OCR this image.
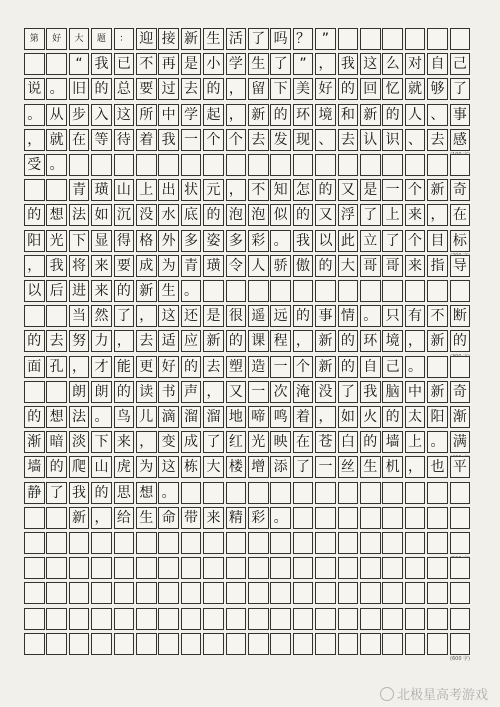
第	好	大	题	： 迎 接 新 生 活 了 吗 ？ ”
“ 我 已 不 再 是 小 学 生 了 ” ， 我 这 么 对 自 己
说 。 旧 的 总 要 过 去 的 ， 留 下 美 好 的 回 忆 就 够 了
。 从 步 入 这 所 中 学 起 ， 新 的 环 境 和 新 的 人 、 事
， 就 在 等 待 着 我 一 个 个 去 发 现 、 去 认 识 、 去 感
受 。
青 璜 山 上 出 状 元 ， 不 知 怎 的 又 是 一 个 新 奇
的 想 法 如 沉 没 水 底 的 泡 泡 似 的 又 浮 了 上 来 ， 在
阳 光 下 显 得 格 外 多 姿 多 彩 。 我 以 此 立 了 个 目 标
， 我 将 来 要 成 为 青 璜 令 人 骄 傲 的 大 哥 哥 来 指 导
以 后 进 来 的 新 生 。
当 然 了 ， 这 还 是 很 遥 远 的 事 情 。 只 有 不 断
的 去 努 力 ， 去 适 应 新 的 课 程 ， 新 的 环 境 ， 新 的
面 孔 ， 才 能 更 好 的 去 塑 造 一 个 新 的 自 己 。
朗 朗 的 读 书 声 ， 又 一 次 淹 没 了 我 脑 中 新 奇
的 想 法 。 鸟 儿 滴 溜 溜 地 啼 鸣 着 ， 如 火 的 太 阳 渐
渐 暗 淡 下 来 ， 变 成 了 红 光 映 在 苍 白 的 墙 上 。 满
墙 的 爬 山 虎 为 这 栋 大 楼 增 添 了 一 丝 生 机 ， 也 平
静 了 我 的 思 想 。
新 ， 给 生 命 带 来 精 彩 。
(600 字)
北极星高考游戏
